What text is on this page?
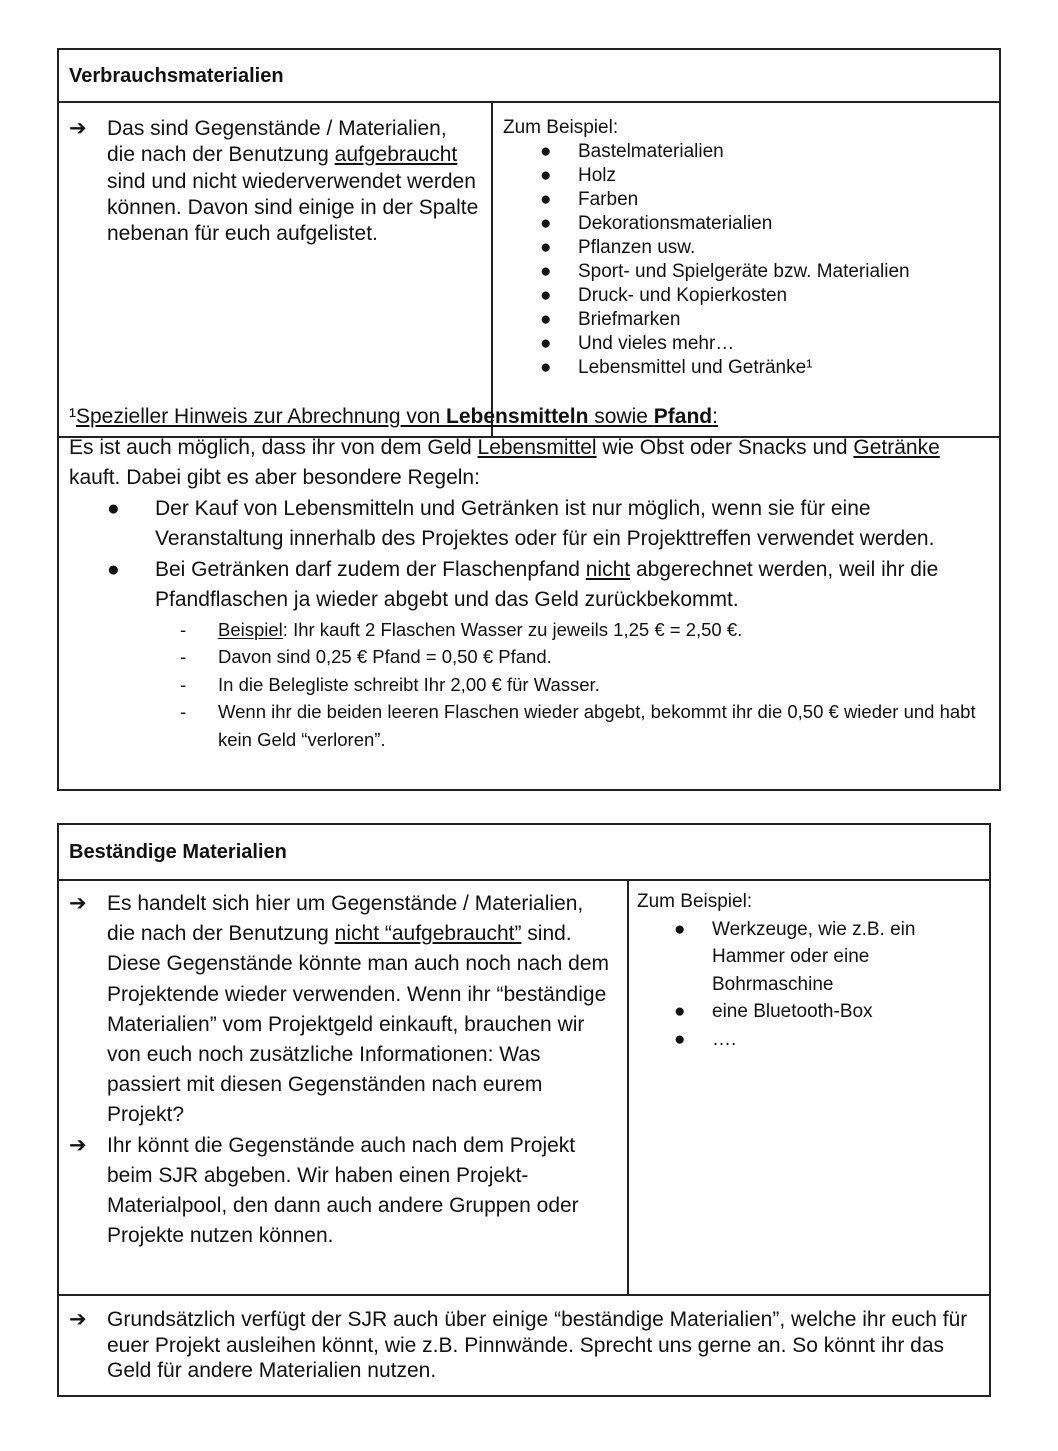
Verbrauchsmaterialien
➔ Das sind Gegenstände / Materialien, die nach der Benutzung aufgebraucht sind und nicht wiederverwendet werden können. Davon sind einige in der Spalte nebenan für euch aufgelistet.
Zum Beispiel:
● Bastelmaterialien
● Holz
● Farben
● Dekorationsmaterialien
● Pflanzen usw.
● Sport- und Spielgeräte bzw. Materialien
● Druck- und Kopierkosten
● Briefmarken
● Und vieles mehr…
● Lebensmittel und Getränke¹
¹Spezieller Hinweis zur Abrechnung von Lebensmitteln sowie Pfand:
Es ist auch möglich, dass ihr von dem Geld Lebensmittel wie Obst oder Snacks und Getränke kauft. Dabei gibt es aber besondere Regeln:
● Der Kauf von Lebensmitteln und Getränken ist nur möglich, wenn sie für eine Veranstaltung innerhalb des Projektes oder für ein Projekttreffen verwendet werden.
● Bei Getränken darf zudem der Flaschenpfand nicht abgerechnet werden, weil ihr die Pfandflaschen ja wieder abgebt und das Geld zurückbekommt.
- Beispiel: Ihr kauft 2 Flaschen Wasser zu jeweils 1,25 € = 2,50 €.
- Davon sind 0,25 € Pfand = 0,50 € Pfand.
- In die Belegliste schreibt Ihr 2,00 € für Wasser.
- Wenn ihr die beiden leeren Flaschen wieder abgebt, bekommt ihr die 0,50 € wieder und habt kein Geld “verloren”.
Beständige Materialien
➔ Es handelt sich hier um Gegenstände / Materialien, die nach der Benutzung nicht “aufgebraucht” sind. Diese Gegenstände könnte man auch noch nach dem Projektende wieder verwenden. Wenn ihr “beständige Materialien” vom Projektgeld einkauft, brauchen wir von euch noch zusätzliche Informationen: Was passiert mit diesen Gegenständen nach eurem Projekt?
➔ Ihr könnt die Gegenstände auch nach dem Projekt beim SJR abgeben. Wir haben einen Projekt-Materialpool, den dann auch andere Gruppen oder Projekte nutzen können.
Zum Beispiel:
● Werkzeuge, wie z.B. ein Hammer oder eine Bohrmaschine
● eine Bluetooth-Box
● ….
➔ Grundsätzlich verfügt der SJR auch über einige “beständige Materialien”, welche ihr euch für euer Projekt ausleihen könnt, wie z.B. Pinnwände. Sprecht uns gerne an. So könnt ihr das Geld für andere Materialien nutzen.
